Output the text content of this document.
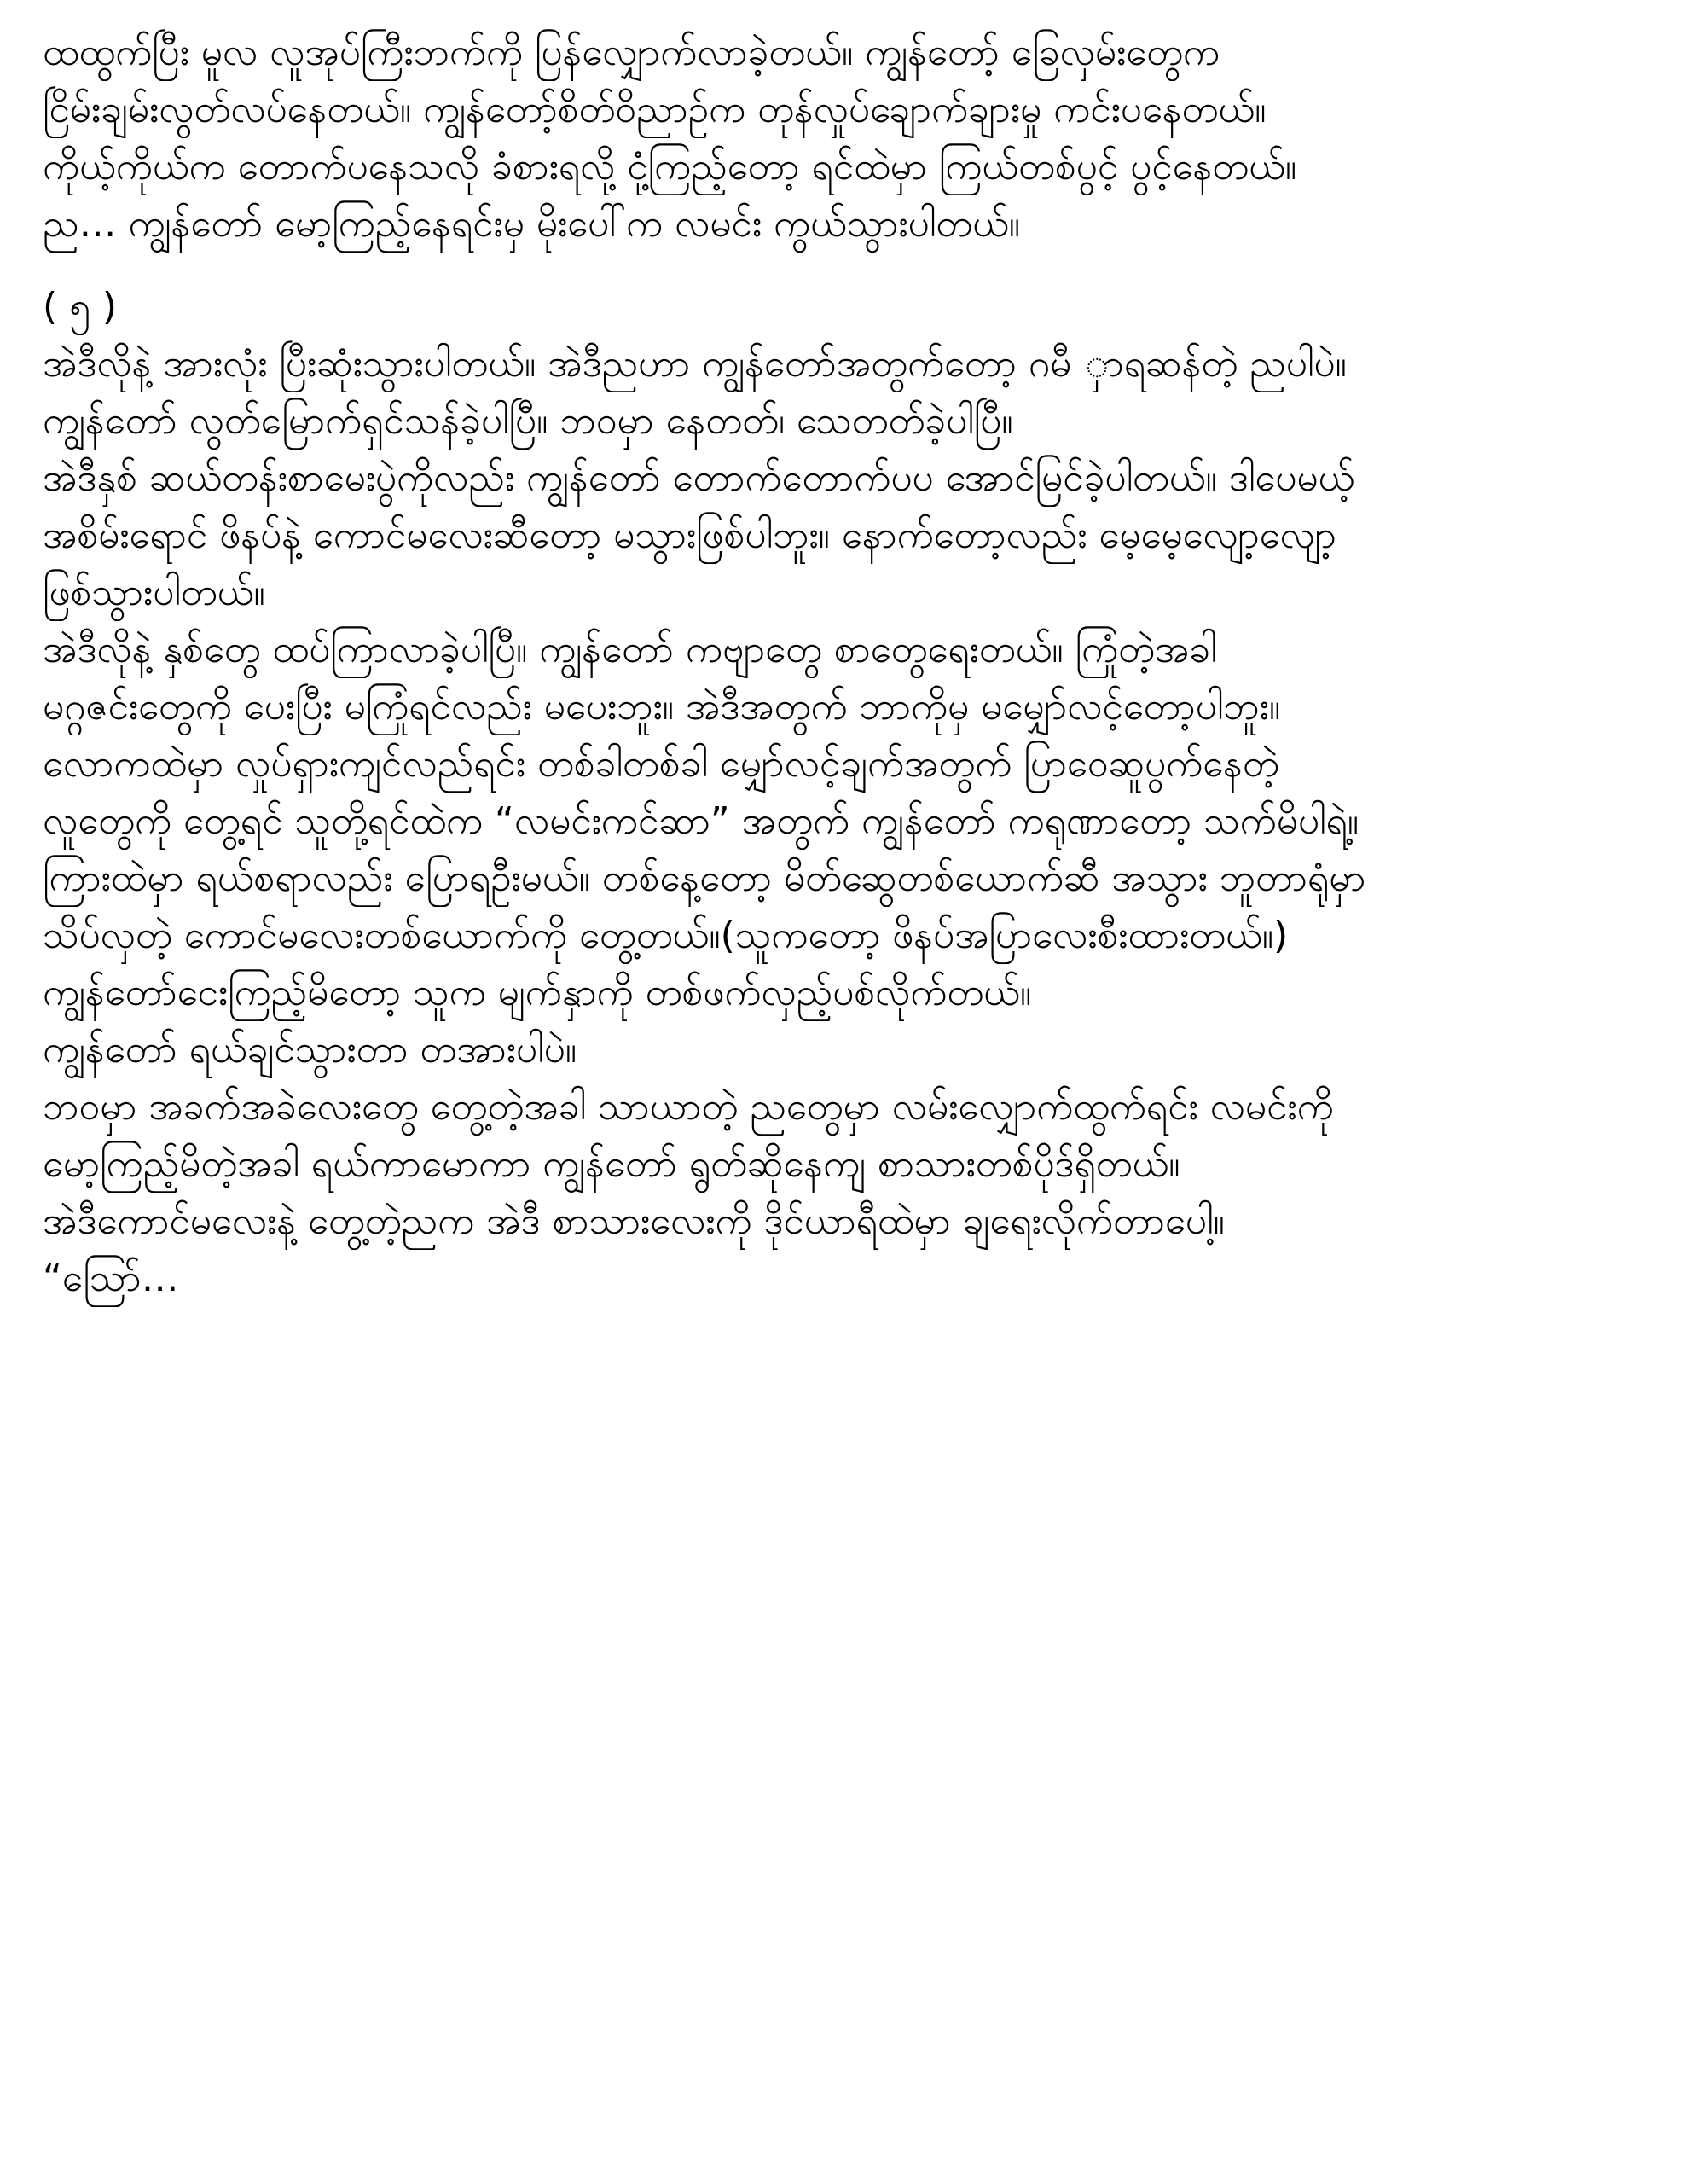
ထထွက်ပြီး မူလ လူအုပ်ကြီးဘက်ကို ပြန်လျှောက်လာခဲ့တယ်။ ကျွန်တော့် ခြေလှမ်းတွေက
ငြိမ်းချမ်းလွတ်လပ်နေတယ်။ ကျွန်တော့်စိတ်ဝိညာဉ်က တုန်လှုပ်ချောက်ချားမှု ကင်းပနေတယ်။
ကိုယ့်ကိုယ်က တောက်ပနေသလို ခံစားရလို့ ငုံ့ကြည့်တော့ ရင်ထဲမှာ ကြယ်တစ်ပွင့် ပွင့်နေတယ်။
ည… ကျွန်တော် မော့ကြည့်နေရင်းမှ မိုးပေါ်က လမင်း ကွယ်သွားပါတယ်။
( ၅ )
အဲဒီလိုနဲ့ အားလုံး ပြီးဆုံးသွားပါတယ်။ အဲဒီညဟာ ကျွန်တော်အတွက်တော့ ဂမီ ှာရဆန်တဲ့ ညပါပဲ။
ကျွန်တော် လွတ်မြောက်ရှင်သန်ခဲ့ပါပြီ။ ဘဝမှာ နေတတ်၊ သေတတ်ခဲ့ပါပြီ။
အဲဒီနှစ် ဆယ်တန်းစာမေးပွဲကိုလည်း ကျွန်တော် တောက်တောက်ပပ အောင်မြင်ခဲ့ပါတယ်။ ဒါပေမယ့်
အစိမ်းရောင် ဖိနပ်နဲ့ ကောင်မလေးဆီတော့ မသွားဖြစ်ပါဘူး။ နောက်တော့လည်း မေ့မေ့လျော့လျော့
ဖြစ်သွားပါတယ်။
အဲဒီလိုနဲ့ နှစ်တွေ ထပ်ကြာလာခဲ့ပါပြီ။ ကျွန်တော် ကဗျာတွေ စာတွေရေးတယ်။ ကြုံတဲ့အခါ
မဂ္ဂဇင်းတွေကို ပေးပြီး မကြုံရင်လည်း မပေးဘူး။ အဲဒီအတွက် ဘာကိုမှ မမျှော်လင့်တော့ပါဘူး။
လောကထဲမှာ လှုပ်ရှားကျင်လည်ရင်း တစ်ခါတစ်ခါ မျှော်လင့်ချက်အတွက် ပြာဝေဆူပွက်နေတဲ့
လူတွေကို တွေ့ရင် သူတို့ရင်ထဲက “လမင်းကင်ဆာ” အတွက် ကျွန်တော် ကရုဏာတော့ သက်မိပါရဲ့။
ကြားထဲမှာ ရယ်စရာလည်း ပြောရဦးမယ်။ တစ်နေ့တော့ မိတ်ဆွေတစ်ယောက်ဆီ အသွား ဘူတာရုံမှာ
သိပ်လှတဲ့ ကောင်မလေးတစ်ယောက်ကို တွေ့တယ်။(သူကတော့ ဖိနပ်အပြာလေးစီးထားတယ်။)
ကျွန်တော်ငေးကြည့်မိတော့ သူက မျက်နှာကို တစ်ဖက်လှည့်ပစ်လိုက်တယ်။
ကျွန်တော် ရယ်ချင်သွားတာ တအားပါပဲ။
ဘဝမှာ အခက်အခဲလေးတွေ တွေ့တဲ့အခါ သာယာတဲ့ ညတွေမှာ လမ်းလျှောက်ထွက်ရင်း လမင်းကို
မော့ကြည့်မိတဲ့အခါ ရယ်ကာမောကာ ကျွန်တော် ရွတ်ဆိုနေကျ စာသားတစ်ပိုဒ်ရှိတယ်။
အဲဒီကောင်မလေးနဲ့ တွေ့တဲ့ညက အဲဒီ စာသားလေးကို ဒိုင်ယာရီထဲမှာ ချရေးလိုက်တာပေါ့။
“သြော်…
